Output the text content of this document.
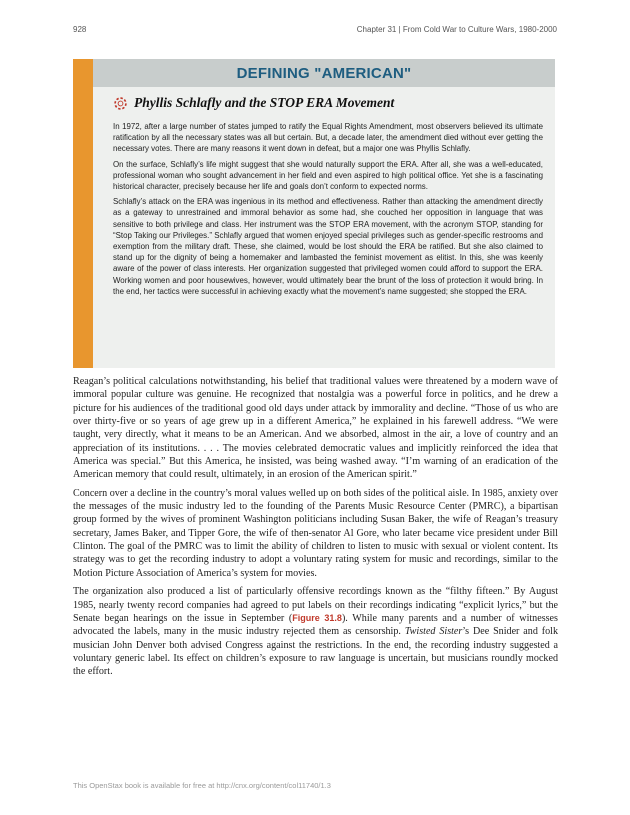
928	Chapter 31 | From Cold War to Culture Wars, 1980-2000
DEFINING "AMERICAN"
Phyllis Schlafly and the STOP ERA Movement

In 1972, after a large number of states jumped to ratify the Equal Rights Amendment, most observers believed its ultimate ratification by all the necessary states was all but certain. But, a decade later, the amendment died without ever getting the necessary votes. There are many reasons it went down in defeat, but a major one was Phyllis Schlafly.

On the surface, Schlafly’s life might suggest that she would naturally support the ERA. After all, she was a well-educated, professional woman who sought advancement in her field and even aspired to high political office. Yet she is a fascinating historical character, precisely because her life and goals don’t conform to expected norms.

Schlafly’s attack on the ERA was ingenious in its method and effectiveness. Rather than attacking the amendment directly as a gateway to unrestrained and immoral behavior as some had, she couched her opposition in language that was sensitive to both privilege and class. Her instrument was the STOP ERA movement, with the acronym STOP, standing for “Stop Taking our Privileges.” Schlafly argued that women enjoyed special privileges such as gender-specific restrooms and exemption from the military draft. These, she claimed, would be lost should the ERA be ratified. But she also claimed to stand up for the dignity of being a homemaker and lambasted the feminist movement as elitist. In this, she was keenly aware of the power of class interests. Her organization suggested that privileged women could afford to support the ERA. Working women and poor housewives, however, would ultimately bear the brunt of the loss of protection it would bring. In the end, her tactics were successful in achieving exactly what the movement’s name suggested; she stopped the ERA.

Reagan’s political calculations notwithstanding, his belief that traditional values were threatened by a modern wave of immoral popular culture was genuine. He recognized that nostalgia was a powerful force in politics, and he drew a picture for his audiences of the traditional good old days under attack by immorality and decline. “Those of us who are over thirty-five or so years of age grew up in a different America,” he explained in his farewell address. “We were taught, very directly, what it means to be an American. And we absorbed, almost in the air, a love of country and an appreciation of its institutions. . . . The movies celebrated democratic values and implicitly reinforced the idea that America was special.” But this America, he insisted, was being washed away. “I’m warning of an eradication of the American memory that could result, ultimately, in an erosion of the American spirit.”

Concern over a decline in the country’s moral values welled up on both sides of the political aisle. In 1985, anxiety over the messages of the music industry led to the founding of the Parents Music Resource Center (PMRC), a bipartisan group formed by the wives of prominent Washington politicians including Susan Baker, the wife of Reagan’s treasury secretary, James Baker, and Tipper Gore, the wife of then-senator Al Gore, who later became vice president under Bill Clinton. The goal of the PMRC was to limit the ability of children to listen to music with sexual or violent content. Its strategy was to get the recording industry to adopt a voluntary rating system for music and recordings, similar to the Motion Picture Association of America’s system for movies.

The organization also produced a list of particularly offensive recordings known as the “filthy fifteen.” By August 1985, nearly twenty record companies had agreed to put labels on their recordings indicating “explicit lyrics,” but the Senate began hearings on the issue in September (Figure 31.8). While many parents and a number of witnesses advocated the labels, many in the music industry rejected them as censorship. Twisted Sister’s Dee Snider and folk musician John Denver both advised Congress against the restrictions. In the end, the recording industry suggested a voluntary generic label. Its effect on children’s exposure to raw language is uncertain, but musicians roundly mocked the effort.

This OpenStax book is available for free at http://cnx.org/content/col11740/1.3
